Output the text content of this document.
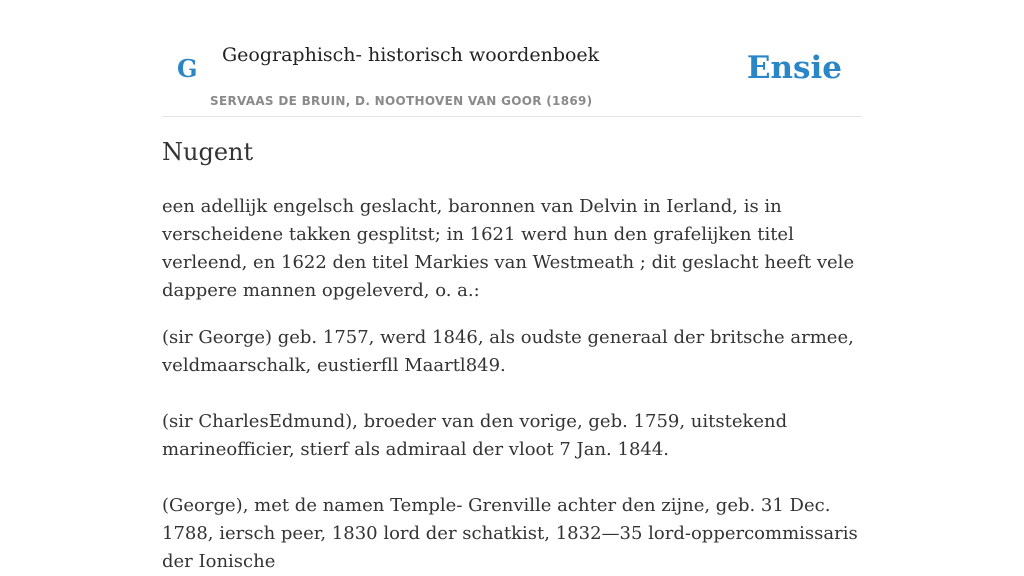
G Geographisch- historisch woordenboek
SERVAAS DE BRUIN, D. NOOTHOVEN VAN GOOR (1869)
Ensie
Nugent

een adellijk engelsch geslacht, baronnen van Delvin in Ierland, is in verscheidene takken gesplitst; in 1621 werd hun den grafelijken titel verleend, en 1622 den titel Markies van Westmeath ; dit geslacht heeft vele dappere mannen opgeleverd, o. a.:

(sir George) geb. 1757, werd 1846, als oudste generaal der britsche armee, veldmaarschalk, eustierfll Maartl849.

(sir CharlesEdmund), broeder van den vorige, geb. 1759, uitstekend marineofficier, stierf als admiraal der vloot 7 Jan. 1844.

(George), met de namen Temple- Grenville achter den zijne, geb. 31 Dec. 1788, iersch peer, 1830 lord der schatkist, 1832—35 lord-oppercommissaris der Ionische
